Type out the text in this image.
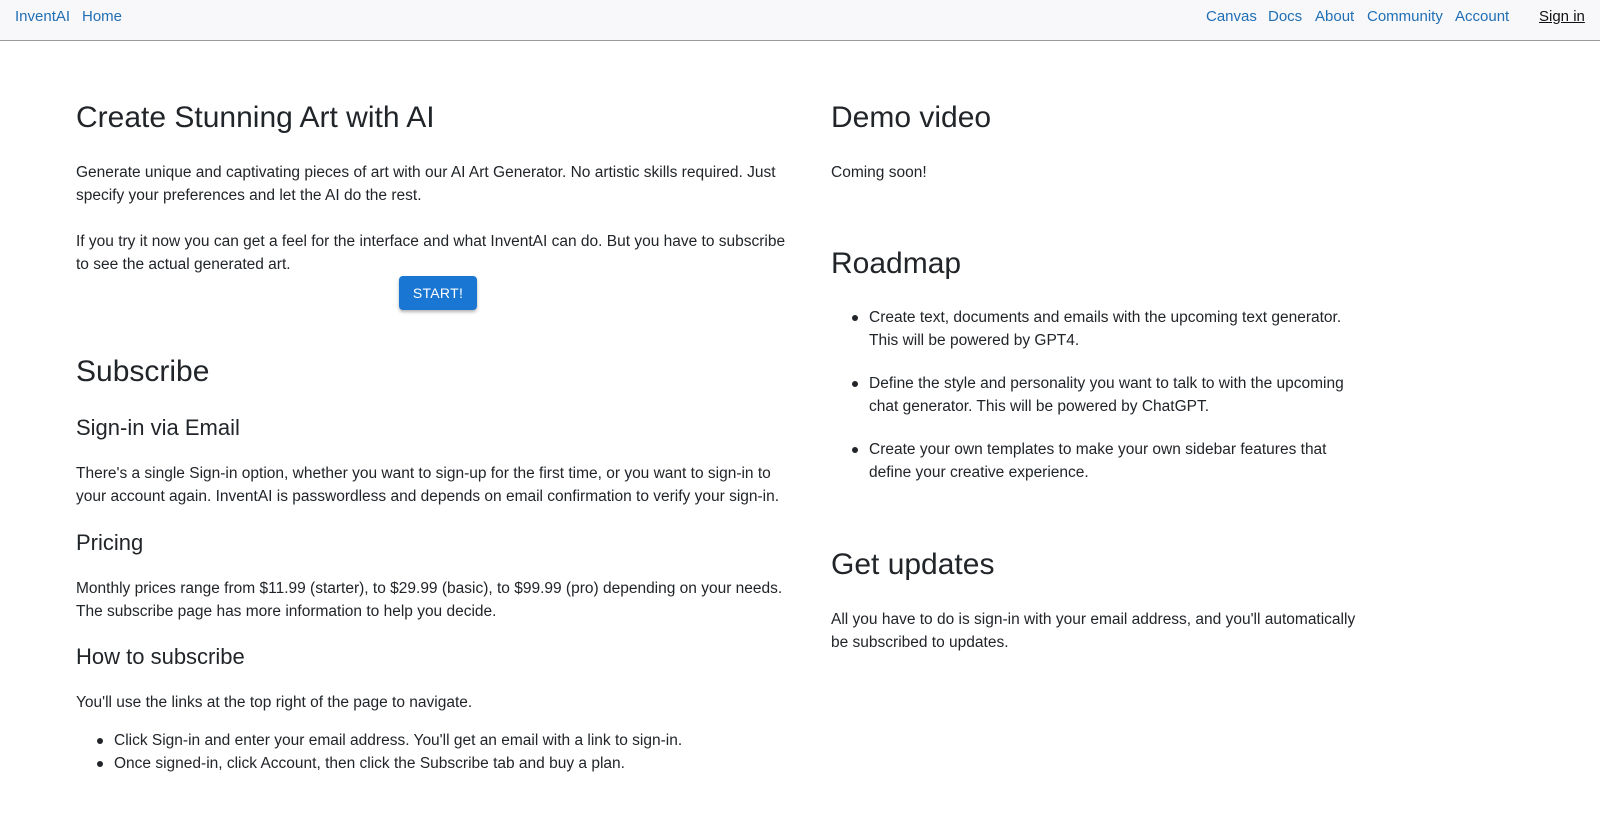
InventAI Home	Canvas Docs About Community Account Sign in
Create Stunning Art with AI

Generate unique and captivating pieces of art with our AI Art Generator. No artistic skills required. Just
specify your preferences and let the AI do the rest.

If you try it now you can get a feel for the interface and what InventAI can do. But you have to subscribe
to see the actual generated art.

START!
Subscribe
Sign-in via Email

There's a single Sign-in option, whether you want to sign-up for the first time, or you want to sign-in to
your account again. InventAI is passwordless and depends on email confirmation to verify your sign-in.

Pricing

Monthly prices range from $11.99 (starter), to $29.99 (basic), to $99.99 (pro) depending on your needs.
The subscribe page has more information to help you decide.

How to subscribe

You'll use the links at the top right of the page to navigate.

Click Sign-in and enter your email address. You'll get an email with a link to sign-in.
Once signed-in, click Account, then click the Subscribe tab and buy a plan.
Demo video

Coming soon!

Roadmap
Create text, documents and emails with the upcoming text generator.
This will be powered by GPT4.
Define the style and personality you want to talk to with the upcoming
chat generator. This will be powered by ChatGPT.
Create your own templates to make your own sidebar features that
define your creative experience.
Get updates

All you have to do is sign-in with your email address, and you'll automatically
be subscribed to updates.
